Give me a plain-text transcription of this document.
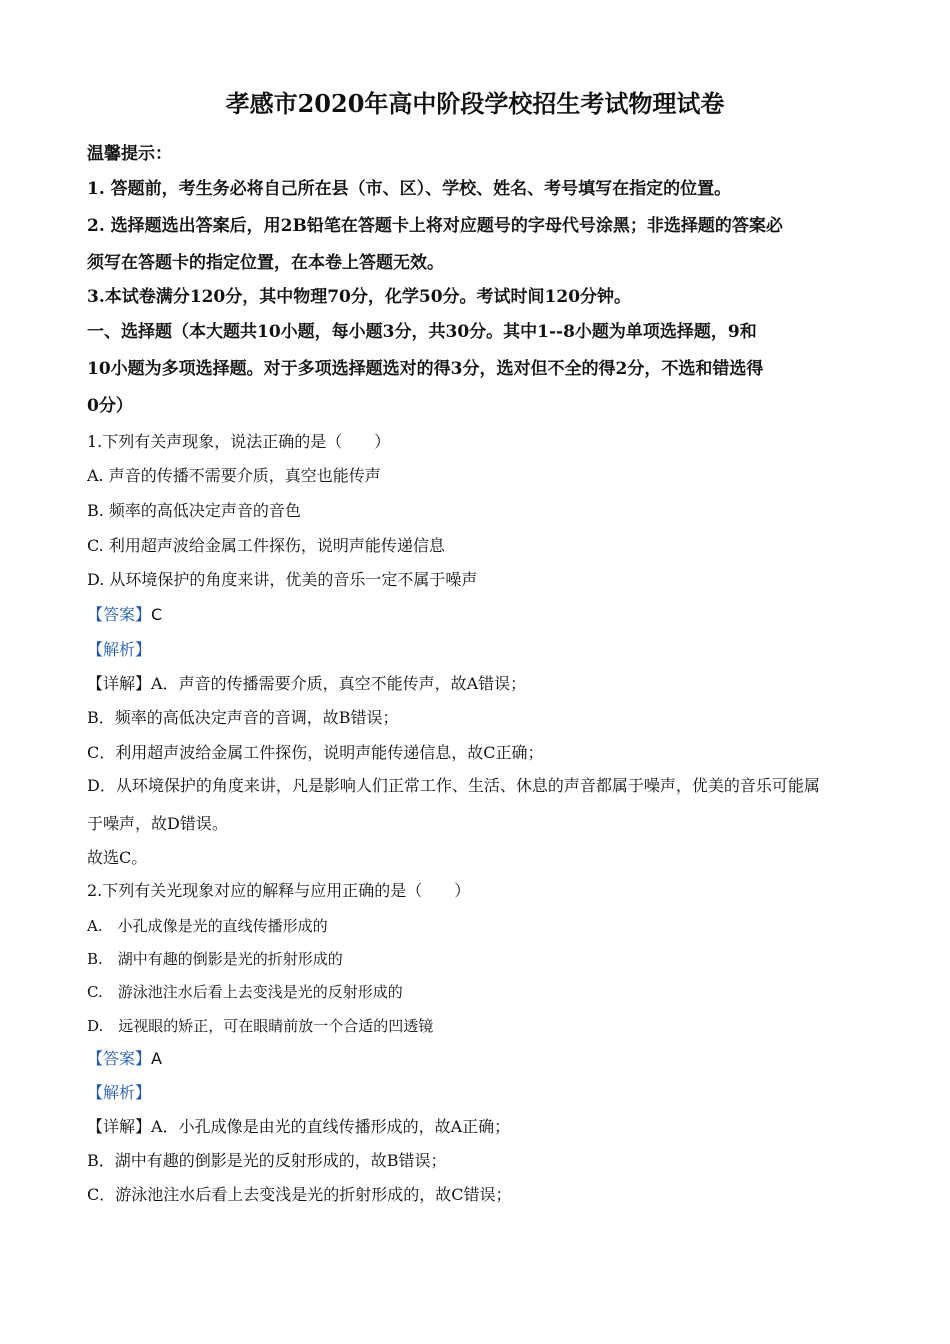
孝感市2020年高中阶段学校招生考试物理试卷
温馨提示：
1. 答题前，考生务必将自己所在县（市、区）、学校、姓名、考号填写在指定的位置。
2. 选择题选出答案后，用2B铅笔在答题卡上将对应题号的字母代号涂黑；非选择题的答案必
须写在答题卡的指定位置，在本卷上答题无效。
3.本试卷满分120分，其中物理70分，化学50分。考试时间120分钟。
一、选择题（本大题共10小题，每小题3分，共30分。其中1--8小题为单项选择题，9和
10小题为多项选择题。对于多项选择题选对的得3分，选对但不全的得2分，不选和错选得
0分）
1.下列有关声现象，说法正确的是（　　）
A. 声音的传播不需要介质，真空也能传声
B. 频率的高低决定声音的音色
C. 利用超声波给金属工件探伤，说明声能传递信息
D. 从环境保护的角度来讲，优美的音乐一定不属于噪声
【答案】C
【解析】
【详解】A．声音的传播需要介质，真空不能传声，故A错误；
B．频率的高低决定声音的音调，故B错误；
C．利用超声波给金属工件探伤，说明声能传递信息，故C正确；
D．从环境保护的角度来讲，凡是影响人们正常工作、生活、休息的声音都属于噪声，优美的音乐可能属
于噪声，故D错误。
故选C。
2.下列有关光现象对应的解释与应用正确的是（　　）
A.　小孔成像是光的直线传播形成的
B.　湖中有趣的倒影是光的折射形成的
C.　游泳池注水后看上去变浅是光的反射形成的
D.　远视眼的矫正，可在眼睛前放一个合适的凹透镜
【答案】A
【解析】
【详解】A．小孔成像是由光的直线传播形成的，故A正确；
B．湖中有趣的倒影是光的反射形成的，故B错误；
C．游泳池注水后看上去变浅是光的折射形成的，故C错误；
